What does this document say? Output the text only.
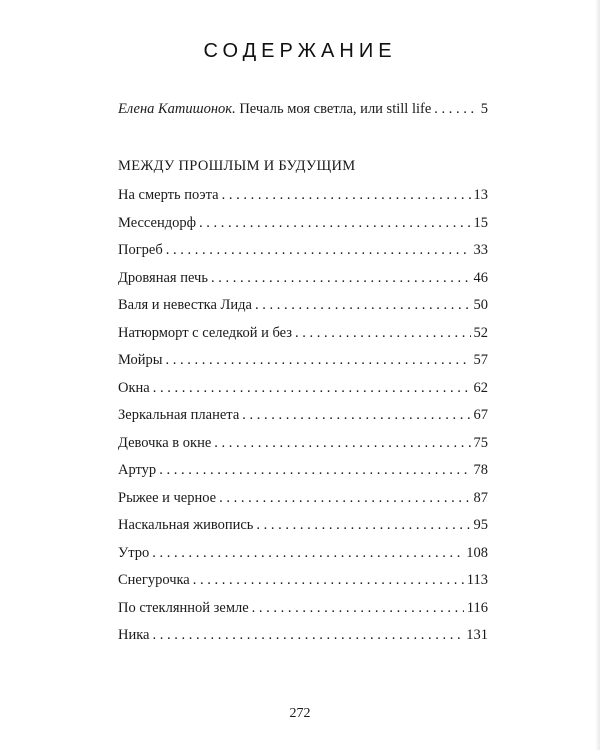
СОДЕРЖАНИЕ
Елена Катишонок. Печаль моя светла, или still life . . .	5
МЕЖДУ ПРОШЛЫМ И БУДУЩИМ
На смерть поэта . . .	13
Мессендорф . . .	15
Погреб . . .	33
Дровяная печь . . .	46
Валя и невестка Лида . . .	50
Натюрморт с селедкой и без . . .	52
Мойры . . .	57
Окна . . .	62
Зеркальная планета . . .	67
Девочка в окне . . .	75
Артур . . .	78
Рыжее и черное . . .	87
Наскальная живопись . . .	95
Утро . . .	108
Снегурочка . . .	113
По стеклянной земле . . .	116
Ника . . .	131
272
